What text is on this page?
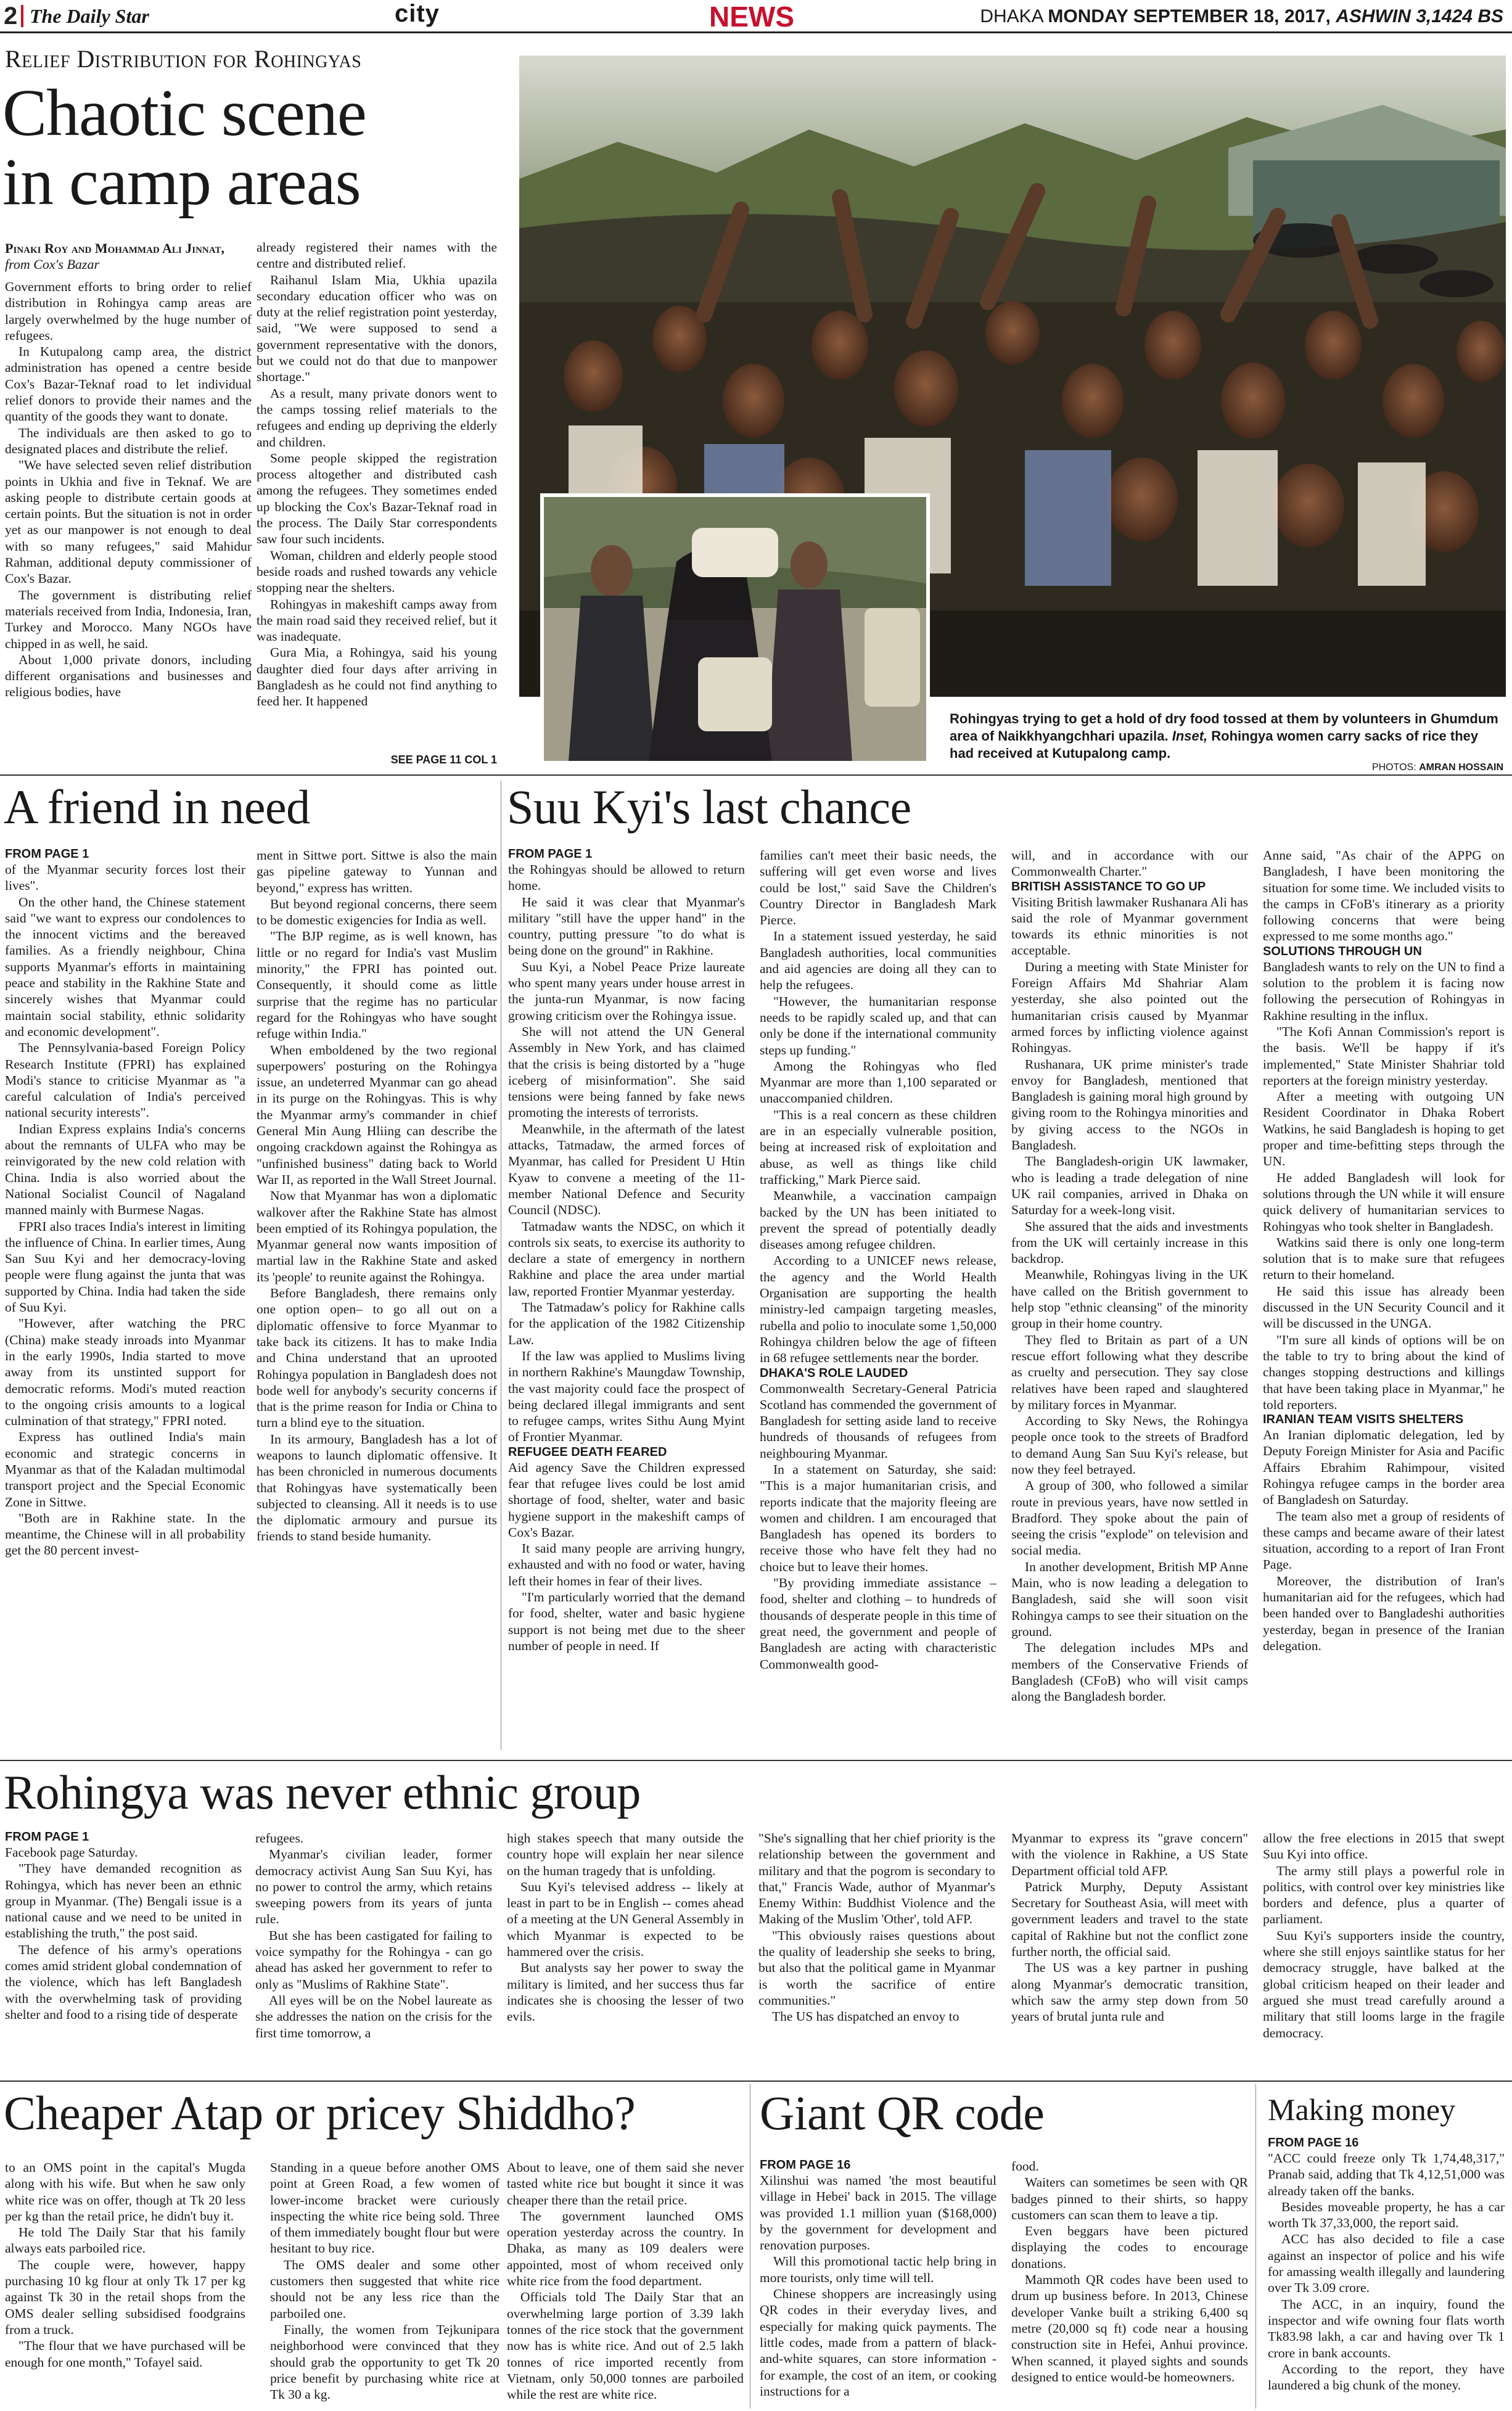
2 The Daily Star	city	NEWS	DHAKA MONDAY SEPTEMBER 18, 2017, ASHWIN 3,1424 BS
Relief Distribution for Rohingyas
Chaotic scene
in camp areas
Pinaki Roy and Mohammad Ali Jinnat, from Cox's Bazar

Government efforts to bring order to relief distribution in Rohingya camp areas are largely overwhelmed by the huge number of refugees.

In Kutupalong camp area, the district administration has opened a centre beside Cox's Bazar-Teknaf road to let individual relief donors to provide their names and the quantity of the goods they want to donate.

The individuals are then asked to go to designated places and distribute the relief.

"We have selected seven relief distribution points in Ukhia and five in Teknaf. We are asking people to distribute certain goods at certain points. But the situation is not in order yet as our manpower is not enough to deal with so many refugees," said Mahidur Rahman, additional deputy commissioner of Cox's Bazar.

The government is distributing relief materials received from India, Indonesia, Iran, Turkey and Morocco. Many NGOs have chipped in as well, he said.

About 1,000 private donors, including different organisations and businesses and religious bodies, have

already registered their names with the centre and distributed relief.

Raihanul Islam Mia, Ukhia upazila secondary education officer who was on duty at the relief registration point yesterday, said, "We were supposed to send a government representative with the donors, but we could not do that due to manpower shortage."

As a result, many private donors went to the camps tossing relief materials to the refugees and ending up depriving the elderly and children.

Some people skipped the registration process altogether and distributed cash among the refugees. They sometimes ended up blocking the Cox's Bazar-Teknaf road in the process. The Daily Star correspondents saw four such incidents.

Woman, children and elderly people stood beside roads and rushed towards any vehicle stopping near the shelters.

Rohingyas in makeshift camps away from the main road said they received relief, but it was inadequate.

Gura Mia, a Rohingya, said his young daughter died four days after arriving in Bangladesh as he could not find anything to feed her. It happened

SEE PAGE 11 COL 1
Rohingyas trying to get a hold of dry food tossed at them by volunteers in Ghumdum area of Naikkhyangchhari upazila. Inset, Rohingya women carry sacks of rice they had received at Kutupalong camp.
PHOTOS: AMRAN HOSSAIN
A friend in need
FROM PAGE 1

of the Myanmar security forces lost their lives".

On the other hand, the Chinese statement said "we want to express our condolences to the innocent victims and the bereaved families. As a friendly neighbour, China supports Myanmar's efforts in maintaining peace and stability in the Rakhine State and sincerely wishes that Myanmar could maintain social stability, ethnic solidarity and economic development".

The Pennsylvania-based Foreign Policy Research Institute (FPRI) has explained Modi's stance to criticise Myanmar as "a careful calculation of India's perceived national security interests".

Indian Express explains India's concerns about the remnants of ULFA who may be reinvigorated by the new cold relation with China. India is also worried about the National Socialist Council of Nagaland manned mainly with Burmese Nagas.

FPRI also traces India's interest in limiting the influence of China. In earlier times, Aung San Suu Kyi and her democracy-loving people were flung against the junta that was supported by China. India had taken the side of Suu Kyi.

"However, after watching the PRC (China) make steady inroads into Myanmar in the early 1990s, India started to move away from its unstinted support for democratic reforms. Modi's muted reaction to the ongoing crisis amounts to a logical culmination of that strategy," FPRI noted.

Express has outlined India's main economic and strategic concerns in Myanmar as that of the Kaladan multimodal transport project and the Special Economic Zone in Sittwe.

"Both are in Rakhine state. In the meantime, the Chinese will in all probability get the 80 percent invest-

ment in Sittwe port. Sittwe is also the main gas pipeline gateway to Yunnan and beyond," express has written.

But beyond regional concerns, there seem to be domestic exigencies for India as well.

"The BJP regime, as is well known, has little or no regard for India's vast Muslim minority," the FPRI has pointed out. Consequently, it should come as little surprise that the regime has no particular regard for the Rohingyas who have sought refuge within India."

When emboldened by the two regional superpowers' posturing on the Rohingya issue, an undeterred Myanmar can go ahead in its purge on the Rohingyas. This is why the Myanmar army's commander in chief General Min Aung Hliing can describe the ongoing crackdown against the Rohingya as "unfinished business" dating back to World War II, as reported in the Wall Street Journal.

Now that Myanmar has won a diplomatic walkover after the Rakhine State has almost been emptied of its Rohingya population, the Myanmar general now wants imposition of martial law in the Rakhine State and asked its 'people' to reunite against the Rohingya.

Before Bangladesh, there remains only one option open– to go all out on a diplomatic offensive to force Myanmar to take back its citizens. It has to make India and China understand that an uprooted Rohingya population in Bangladesh does not bode well for anybody's security concerns if that is the prime reason for India or China to turn a blind eye to the situation.

In its armoury, Bangladesh has a lot of weapons to launch diplomatic offensive. It has been chronicled in numerous documents that Rohingyas have systematically been subjected to cleansing. All it needs is to use the diplomatic armoury and pursue its friends to stand beside humanity.

Suu Kyi's last chance
FROM PAGE 1

the Rohingyas should be allowed to return home.

He said it was clear that Myanmar's military "still have the upper hand" in the country, putting pressure "to do what is being done on the ground" in Rakhine.

Suu Kyi, a Nobel Peace Prize laureate who spent many years under house arrest in the junta-run Myanmar, is now facing growing criticism over the Rohingya issue.

She will not attend the UN General Assembly in New York, and has claimed that the crisis is being distorted by a "huge iceberg of misinformation". She said tensions were being fanned by fake news promoting the interests of terrorists.

Meanwhile, in the aftermath of the latest attacks, Tatmadaw, the armed forces of Myanmar, has called for President U Htin Kyaw to convene a meeting of the 11-member National Defence and Security Council (NDSC).

Tatmadaw wants the NDSC, on which it controls six seats, to exercise its authority to declare a state of emergency in northern Rakhine and place the area under martial law, reported Frontier Myanmar yesterday.

The Tatmadaw's policy for Rakhine calls for the application of the 1982 Citizenship Law.

If the law was applied to Muslims living in northern Rakhine's Maungdaw Township, the vast majority could face the prospect of being declared illegal immigrants and sent to refugee camps, writes Sithu Aung Myint of Frontier Myanmar.

REFUGEE DEATH FEARED

Aid agency Save the Children expressed fear that refugee lives could be lost amid shortage of food, shelter, water and basic hygiene support in the makeshift camps of Cox's Bazar.

It said many people are arriving hungry, exhausted and with no food or water, having left their homes in fear of their lives.

"I'm particularly worried that the demand for food, shelter, water and basic hygiene support is not being met due to the sheer number of people in need. If

families can't meet their basic needs, the suffering will get even worse and lives could be lost," said Save the Children's Country Director in Bangladesh Mark Pierce.

In a statement issued yesterday, he said Bangladesh authorities, local communities and aid agencies are doing all they can to help the refugees.

"However, the humanitarian response needs to be rapidly scaled up, and that can only be done if the international community steps up funding."

Among the Rohingyas who fled Myanmar are more than 1,100 separated or unaccompanied children.

"This is a real concern as these children are in an especially vulnerable position, being at increased risk of exploitation and abuse, as well as things like child trafficking," Mark Pierce said.

Meanwhile, a vaccination campaign backed by the UN has been initiated to prevent the spread of potentially deadly diseases among refugee children.

According to a UNICEF news release, the agency and the World Health Organisation are supporting the health ministry-led campaign targeting measles, rubella and polio to inoculate some 1,50,000 Rohingya children below the age of fifteen in 68 refugee settlements near the border.

DHAKA'S ROLE LAUDED

Commonwealth Secretary-General Patricia Scotland has commended the government of Bangladesh for setting aside land to receive hundreds of thousands of refugees from neighbouring Myanmar.

In a statement on Saturday, she said: "This is a major humanitarian crisis, and reports indicate that the majority fleeing are women and children. I am encouraged that Bangladesh has opened its borders to receive those who have felt they had no choice but to leave their homes.

"By providing immediate assistance – food, shelter and clothing – to hundreds of thousands of desperate people in this time of great need, the government and people of Bangladesh are acting with characteristic Commonwealth good-

will, and in accordance with our Commonwealth Charter."

BRITISH ASSISTANCE TO GO UP

Visiting British lawmaker Rushanara Ali has said the role of Myanmar government towards its ethnic minorities is not acceptable.

During a meeting with State Minister for Foreign Affairs Md Shahriar Alam yesterday, she also pointed out the humanitarian crisis caused by Myanmar armed forces by inflicting violence against Rohingyas.

Rushanara, UK prime minister's trade envoy for Bangladesh, mentioned that Bangladesh is gaining moral high ground by giving room to the Rohingya minorities and by giving access to the NGOs in Bangladesh.

The Bangladesh-origin UK lawmaker, who is leading a trade delegation of nine UK rail companies, arrived in Dhaka on Saturday for a week-long visit.

She assured that the aids and investments from the UK will certainly increase in this backdrop.

Meanwhile, Rohingyas living in the UK have called on the British government to help stop "ethnic cleansing" of the minority group in their home country.

They fled to Britain as part of a UN rescue effort following what they describe as cruelty and persecution. They say close relatives have been raped and slaughtered by military forces in Myanmar.

According to Sky News, the Rohingya people once took to the streets of Bradford to demand Aung San Suu Kyi's release, but now they feel betrayed.

A group of 300, who followed a similar route in previous years, have now settled in Bradford. They spoke about the pain of seeing the crisis "explode" on television and social media.

In another development, British MP Anne Main, who is now leading a delegation to Bangladesh, said she will soon visit Rohingya camps to see their situation on the ground.

The delegation includes MPs and members of the Conservative Friends of Bangladesh (CFoB) who will visit camps along the Bangladesh border.

Anne said, "As chair of the APPG on Bangladesh, I have been monitoring the situation for some time. We included visits to the camps in CFoB's itinerary as a priority following concerns that were being expressed to me some months ago."

SOLUTIONS THROUGH UN

Bangladesh wants to rely on the UN to find a solution to the problem it is facing now following the persecution of Rohingyas in Rakhine resulting in the influx.

"The Kofi Annan Commission's report is the basis. We'll be happy if it's implemented," State Minister Shahriar told reporters at the foreign ministry yesterday.

After a meeting with outgoing UN Resident Coordinator in Dhaka Robert Watkins, he said Bangladesh is hoping to get proper and time-befitting steps through the UN.

He added Bangladesh will look for solutions through the UN while it will ensure quick delivery of humanitarian services to Rohingyas who took shelter in Bangladesh.

Watkins said there is only one long-term solution that is to make sure that refugees return to their homeland.

He said this issue has already been discussed in the UN Security Council and it will be discussed in the UNGA.

"I'm sure all kinds of options will be on the table to try to bring about the kind of changes stopping destructions and killings that have been taking place in Myanmar," he told reporters.

IRANIAN TEAM VISITS SHELTERS

An Iranian diplomatic delegation, led by Deputy Foreign Minister for Asia and Pacific Affairs Ebrahim Rahimpour, visited Rohingya refugee camps in the border area of Bangladesh on Saturday.

The team also met a group of residents of these camps and became aware of their latest situation, according to a report of Iran Front Page.

Moreover, the distribution of Iran's humanitarian aid for the refugees, which had been handed over to Bangladeshi authorities yesterday, began in presence of the Iranian delegation.

Rohingya was never ethnic group
FROM PAGE 1

Facebook page Saturday.

"They have demanded recognition as Rohingya, which has never been an ethnic group in Myanmar. (The) Bengali issue is a national cause and we need to be united in establishing the truth," the post said.

The defence of his army's operations comes amid strident global condemnation of the violence, which has left Bangladesh with the overwhelming task of providing shelter and food to a rising tide of desperate

refugees.

Myanmar's civilian leader, former democracy activist Aung San Suu Kyi, has no power to control the army, which retains sweeping powers from its years of junta rule.

But she has been castigated for failing to voice sympathy for the Rohingya - can go ahead has asked her government to refer to only as "Muslims of Rakhine State".

All eyes will be on the Nobel laureate as she addresses the nation on the crisis for the first time tomorrow, a

high stakes speech that many outside the country hope will explain her near silence on the human tragedy that is unfolding.

Suu Kyi's televised address -- likely at least in part to be in English -- comes ahead of a meeting at the UN General Assembly in which Myanmar is expected to be hammered over the crisis.

But analysts say her power to sway the military is limited, and her success thus far indicates she is choosing the lesser of two evils.

"She's signalling that her chief priority is the relationship between the government and military and that the pogrom is secondary to that," Francis Wade, author of Myanmar's Enemy Within: Buddhist Violence and the Making of the Muslim 'Other', told AFP.

"This obviously raises questions about the quality of leadership she seeks to bring, but also that the political game in Myanmar is worth the sacrifice of entire communities."

The US has dispatched an envoy to

Myanmar to express its "grave concern" with the violence in Rakhine, a US State Department official told AFP.

Patrick Murphy, Deputy Assistant Secretary for Southeast Asia, will meet with government leaders and travel to the state capital of Rakhine but not the conflict zone further north, the official said.

The US was a key partner in pushing along Myanmar's democratic transition, which saw the army step down from 50 years of brutal junta rule and

allow the free elections in 2015 that swept Suu Kyi into office.

The army still plays a powerful role in politics, with control over key ministries like borders and defence, plus a quarter of parliament.

Suu Kyi's supporters inside the country, where she still enjoys saintlike status for her democracy struggle, have balked at the global criticism heaped on their leader and argued she must tread carefully around a military that still looms large in the fragile democracy.

Cheaper Atap or pricey Shiddho?

to an OMS point in the capital's Mugda along with his wife. But when he saw only white rice was on offer, though at Tk 20 less per kg than the retail price, he didn't buy it.

He told The Daily Star that his family always eats parboiled rice.

The couple were, however, happy purchasing 10 kg flour at only Tk 17 per kg against Tk 30 in the retail shops from the OMS dealer selling subsidised foodgrains from a truck.

"The flour that we have purchased will be enough for one month," Tofayel said.

Standing in a queue before another OMS point at Green Road, a few women of lower-income bracket were curiously inspecting the white rice being sold. Three of them immediately bought flour but were hesitant to buy rice.

The OMS dealer and some other customers then suggested that white rice should not be any less rice than the parboiled one.

Finally, the women from Tejkunipara neighborhood were convinced that they should grab the opportunity to get Tk 20 price benefit by purchasing white rice at Tk 30 a kg.

About to leave, one of them said she never tasted white rice but bought it since it was cheaper there than the retail price.

The government launched OMS operation yesterday across the country. In Dhaka, as many as 109 dealers were appointed, most of whom received only white rice from the food department.

Officials told The Daily Star that an overwhelming large portion of 3.39 lakh tonnes of the rice stock that the government now has is white rice. And out of 2.5 lakh tonnes of rice imported recently from Vietnam, only 50,000 tonnes are parboiled while the rest are white rice.

Giant QR code
FROM PAGE 16

Xilinshui was named 'the most beautiful village in Hebei' back in 2015. The village was provided 1.1 million yuan ($168,000) by the government for development and renovation purposes.

Will this promotional tactic help bring in more tourists, only time will tell.

Chinese shoppers are increasingly using QR codes in their everyday lives, and especially for making quick payments. The little codes, made from a pattern of black-and-white squares, can store information - for example, the cost of an item, or cooking instructions for a

food.

Waiters can sometimes be seen with QR badges pinned to their shirts, so happy customers can scan them to leave a tip.

Even beggars have been pictured displaying the codes to encourage donations.

Mammoth QR codes have been used to drum up business before. In 2013, Chinese developer Vanke built a striking 6,400 sq metre (20,000 sq ft) code near a housing construction site in Hefei, Anhui province. When scanned, it played sights and sounds designed to entice would-be homeowners.

Making money
FROM PAGE 16

"ACC could freeze only Tk 1,74,48,317," Pranab said, adding that Tk 4,12,51,000 was already taken off the banks.

Besides moveable property, he has a car worth Tk 37,33,000, the report said.

ACC has also decided to file a case against an inspector of police and his wife for amassing wealth illegally and laundering over Tk 3.09 crore.

The ACC, in an inquiry, found the inspector and wife owning four flats worth Tk83.98 lakh, a car and having over Tk 1 crore in bank accounts.

According to the report, they have laundered a big chunk of the money.
